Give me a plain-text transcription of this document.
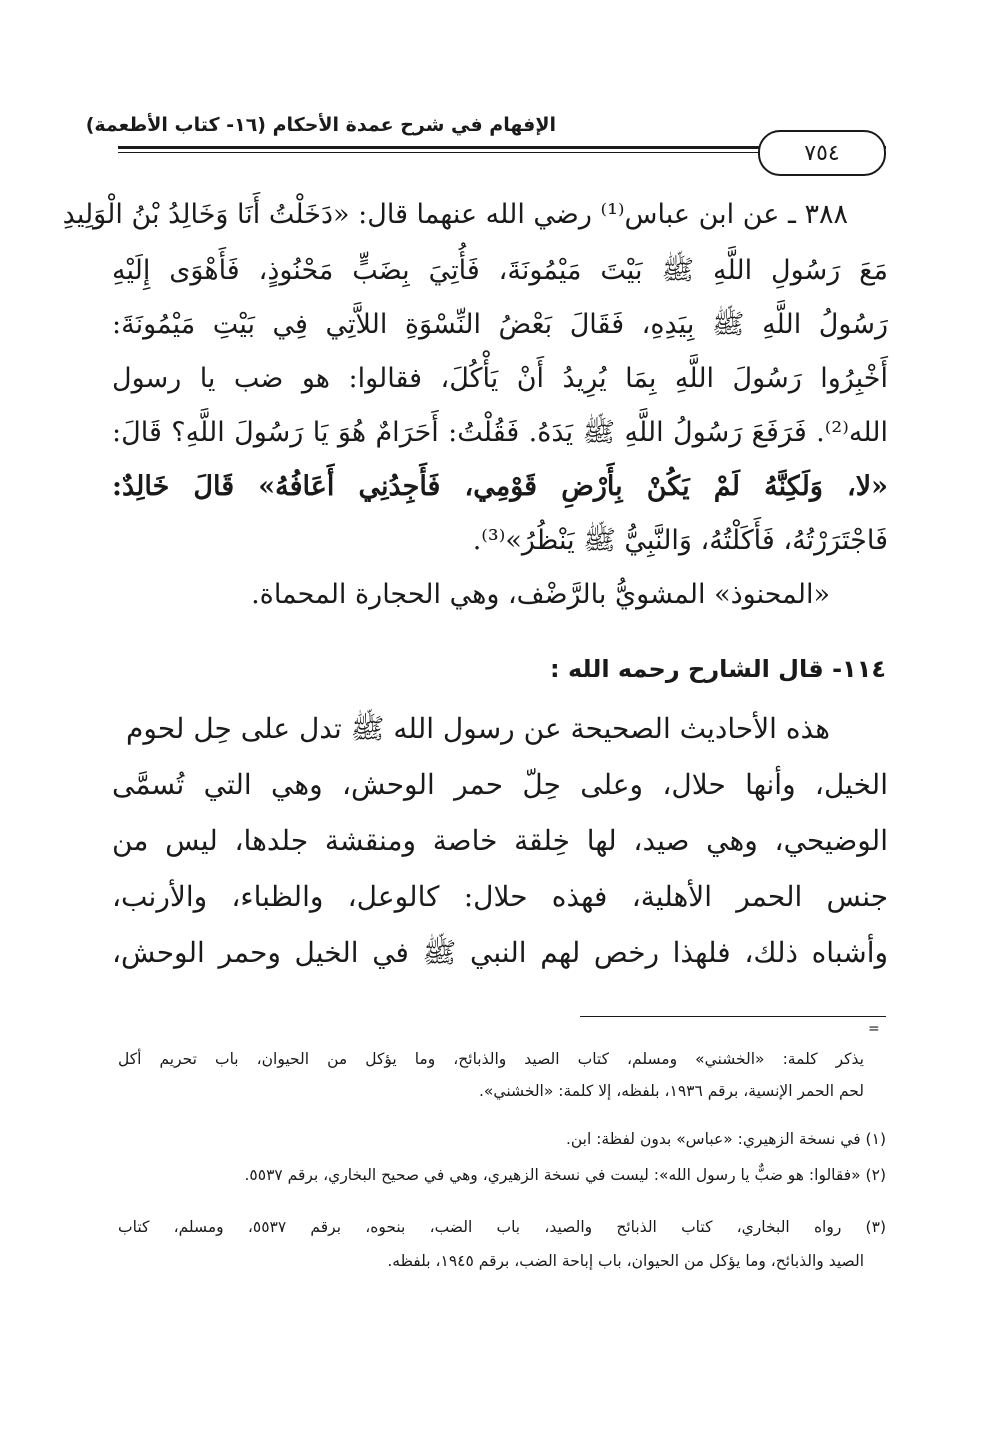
الإفهام في شرح عمدة الأحكام (١٦- كتاب الأطعمة)
٧٥٤
٣٨٨ ـ عن ابن عباس⁽¹⁾ رضي الله عنهما قال: «دَخَلْتُ أَنَا وَخَالِدُ بْنُ الْوَلِيدِ
مَعَ رَسُولِ اللَّهِ ﷺ بَيْتَ مَيْمُونَةَ، فَأُتِيَ بِضَبٍّ مَحْنُوذٍ، فَأَهْوَى إِلَيْهِ
رَسُولُ اللَّهِ ﷺ بِيَدِهِ، فَقَالَ بَعْضُ النِّسْوَةِ اللاَّتِي فِي بَيْتِ مَيْمُونَةَ:
أَخْبِرُوا رَسُولَ اللَّهِ بِمَا يُرِيدُ أَنْ يَأْكُلَ، فقالوا: هو ضب يا رسول
الله⁽²⁾. فَرَفَعَ رَسُولُ اللَّهِ ﷺ يَدَهُ. فَقُلْتُ: أَحَرَامٌ هُوَ يَا رَسُولَ اللَّهِ؟ قَالَ:
«لا، وَلَكِنَّهُ لَمْ يَكُنْ بِأَرْضِ قَوْمِي، فَأَجِدُنِي أَعَافُهُ» قَالَ خَالِدٌ:
فَاجْتَرَرْتُهُ، فَأَكَلْتُهُ، وَالنَّبِيُّ ﷺ يَنْظُرُ»⁽³⁾.
«المحنوذ» المشويُّ بالرَّضْف، وهي الحجارة المحماة.
١١٤- قال الشارح رحمه الله :
هذه الأحاديث الصحيحة عن رسول الله ﷺ تدل على حِل لحوم
الخيل، وأنها حلال، وعلى حِلّ حمر الوحش، وهي التي تُسمَّى
الوضيحي، وهي صيد، لها خِلقة خاصة ومنقشة جلدها، ليس من
جنس الحمر الأهلية، فهذه حلال: كالوعل، والظباء، والأرنب،
وأشباه ذلك، فلهذا رخص لهم النبي ﷺ في الخيل وحمر الوحش،
=
يذكر كلمة: «الخشني» ومسلم، كتاب الصيد والذبائح، وما يؤكل من الحيوان، باب تحريم أكل
لحم الحمر الإنسية، برقم ١٩٣٦، بلفظه، إلا كلمة: «الخشني».
(١) في نسخة الزهيري: «عباس» بدون لفظة: ابن.
(٢) «فقالوا: هو ضبٌّ يا رسول الله»: ليست في نسخة الزهيري، وهي في صحيح البخاري، برقم ٥٥٣٧.
(٣) رواه البخاري، كتاب الذبائح والصيد، باب الضب، بنحوه، برقم ٥٥٣٧، ومسلم، كتاب
الصيد والذبائح، وما يؤكل من الحيوان، باب إباحة الضب، برقم ١٩٤٥، بلفظه.
